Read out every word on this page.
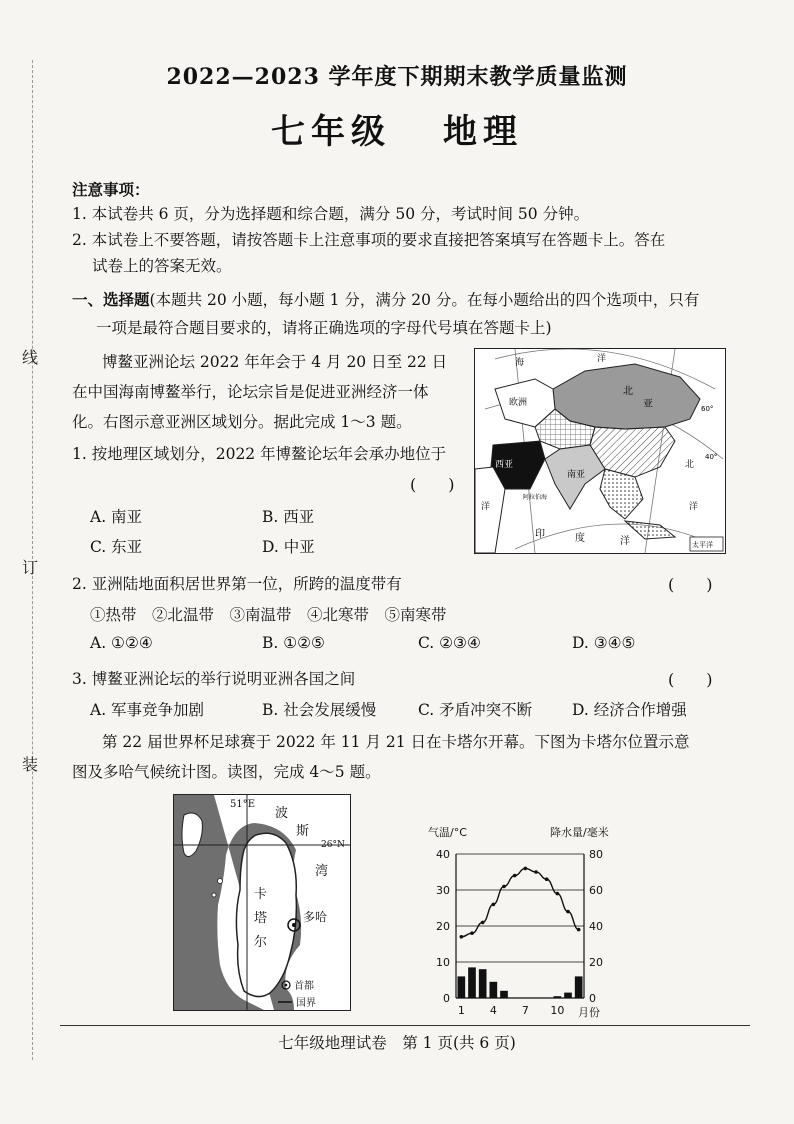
线
订
装
2022—2023 学年度下期期末教学质量监测
七年级 地理
注意事项：
1. 本试卷共 6 页，分为选择题和综合题，满分 50 分，考试时间 50 分钟。
2. 本试卷上不要答题，请按答题卡上注意事项的要求直接把答案填写在答题卡上。答在
试卷上的答案无效。
一、选择题(本题共 20 小题，每小题 1 分，满分 20 分。在每小题给出的四个选项中，只有
一项是最符合题目要求的，请将正确选项的字母代号填在答题卡上)
博鳌亚洲论坛 2022 年年会于 4 月 20 日至 22 日
在中国海南博鳌举行，论坛宗旨是促进亚洲经济一体
化。右图示意亚洲区域划分。据此完成 1～3 题。
1. 按地理区域划分，2022 年博鳌论坛年会承办地位于
(　　)
A. 南亚	B. 西亚
C. 东亚	D. 中亚
欧洲
北
亚
西亚
南亚
阿拉伯海
印	度	洋	太平洋
60°
40°
洋
海
北
洋
洋
2. 亚洲陆地面积居世界第一位，所跨的温度带有	(　　)
①热带　②北温带　③南温带　④北寒带　⑤南寒带
A. ①②④	B. ①②⑤	C. ②③④	D. ③④⑤
3. 博鳌亚洲论坛的举行说明亚洲各国之间	(　　)
A. 军事竞争加剧	B. 社会发展缓慢	C. 矛盾冲突不断	D. 经济合作增强
第 22 届世界杯足球赛于 2022 年 11 月 21 日在卡塔尔开幕。下图为卡塔尔位置示意
图及多哈气候统计图。读图，完成 4～5 题。
51°E
26°N
波
斯
湾
卡
塔
尔
多哈
首都
国界
气温/°C	降水量/毫米
月份
40
30
20
10
0
80
60
40
20
0
1 4 7 10
七年级地理试卷　第 1 页(共 6 页)
